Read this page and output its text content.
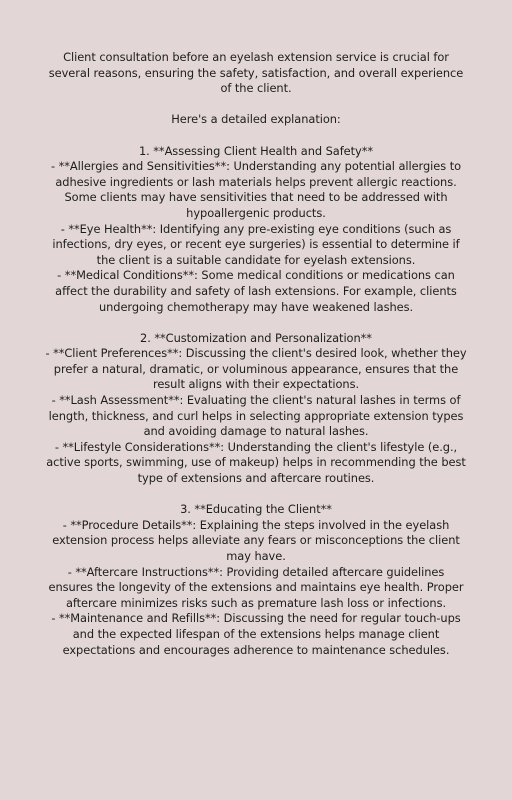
Client consultation before an eyelash extension service is crucial for several reasons, ensuring the safety, satisfaction, and overall experience of the client.

Here's a detailed explanation:

1. **Assessing Client Health and Safety**

- **Allergies and Sensitivities**: Understanding any potential allergies to adhesive ingredients or lash materials helps prevent allergic reactions. Some clients may have sensitivities that need to be addressed with hypoallergenic products.

- **Eye Health**: Identifying any pre-existing eye conditions (such as infections, dry eyes, or recent eye surgeries) is essential to determine if the client is a suitable candidate for eyelash extensions.

- **Medical Conditions**: Some medical conditions or medications can affect the durability and safety of lash extensions. For example, clients undergoing chemotherapy may have weakened lashes.

2. **Customization and Personalization**

- **Client Preferences**: Discussing the client's desired look, whether they prefer a natural, dramatic, or voluminous appearance, ensures that the result aligns with their expectations.

- **Lash Assessment**: Evaluating the client's natural lashes in terms of length, thickness, and curl helps in selecting appropriate extension types and avoiding damage to natural lashes.

- **Lifestyle Considerations**: Understanding the client's lifestyle (e.g., active sports, swimming, use of makeup) helps in recommending the best type of extensions and aftercare routines.

3. **Educating the Client**

- **Procedure Details**: Explaining the steps involved in the eyelash extension process helps alleviate any fears or misconceptions the client may have.

- **Aftercare Instructions**: Providing detailed aftercare guidelines ensures the longevity of the extensions and maintains eye health. Proper aftercare minimizes risks such as premature lash loss or infections.

- **Maintenance and Refills**: Discussing the need for regular touch-ups and the expected lifespan of the extensions helps manage client expectations and encourages adherence to maintenance schedules.
